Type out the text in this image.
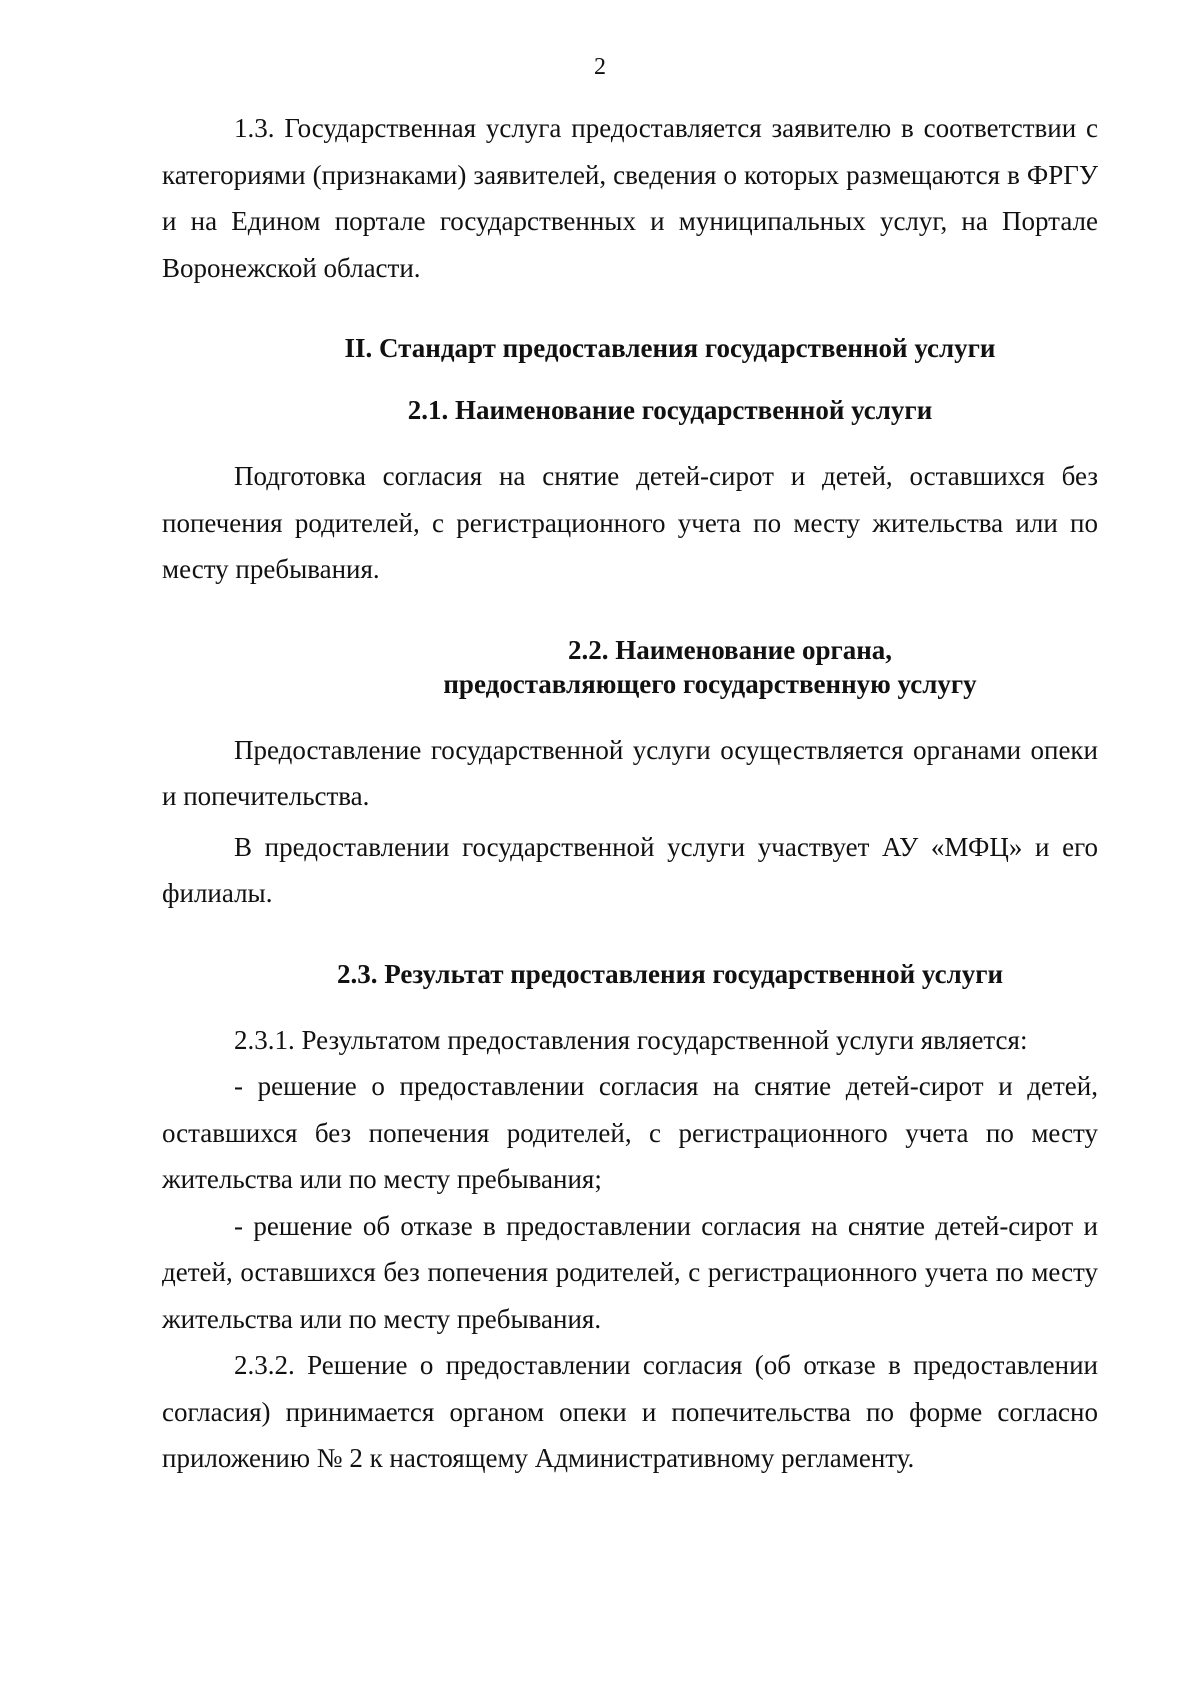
2

1.3. Государственная услуга предоставляется заявителю в соответствии с категориями (признаками) заявителей, сведения о которых размещаются в ФРГУ и на Едином портале государственных и муниципальных услуг, на Портале Воронежской области.

II. Стандарт предоставления государственной услуги
2.1. Наименование государственной услуги

Подготовка согласия на снятие детей-сирот и детей, оставшихся без попечения родителей, с регистрационного учета по месту жительства или по месту пребывания.

2.2. Наименование органа,
предоставляющего государственную услугу

Предоставление государственной услуги осуществляется органами опеки и попечительства.

В предоставлении государственной услуги участвует АУ «МФЦ» и его филиалы.

2.3. Результат предоставления государственной услуги

2.3.1. Результатом предоставления государственной услуги является:

- решение о предоставлении согласия на снятие детей-сирот и детей, оставшихся без попечения родителей, с регистрационного учета по месту жительства или по месту пребывания;

- решение об отказе в предоставлении согласия на снятие детей-сирот и детей, оставшихся без попечения родителей, с регистрационного учета по месту жительства или по месту пребывания.

2.3.2. Решение о предоставлении согласия (об отказе в предоставлении согласия) принимается органом опеки и попечительства по форме согласно приложению № 2 к настоящему Административному регламенту.
